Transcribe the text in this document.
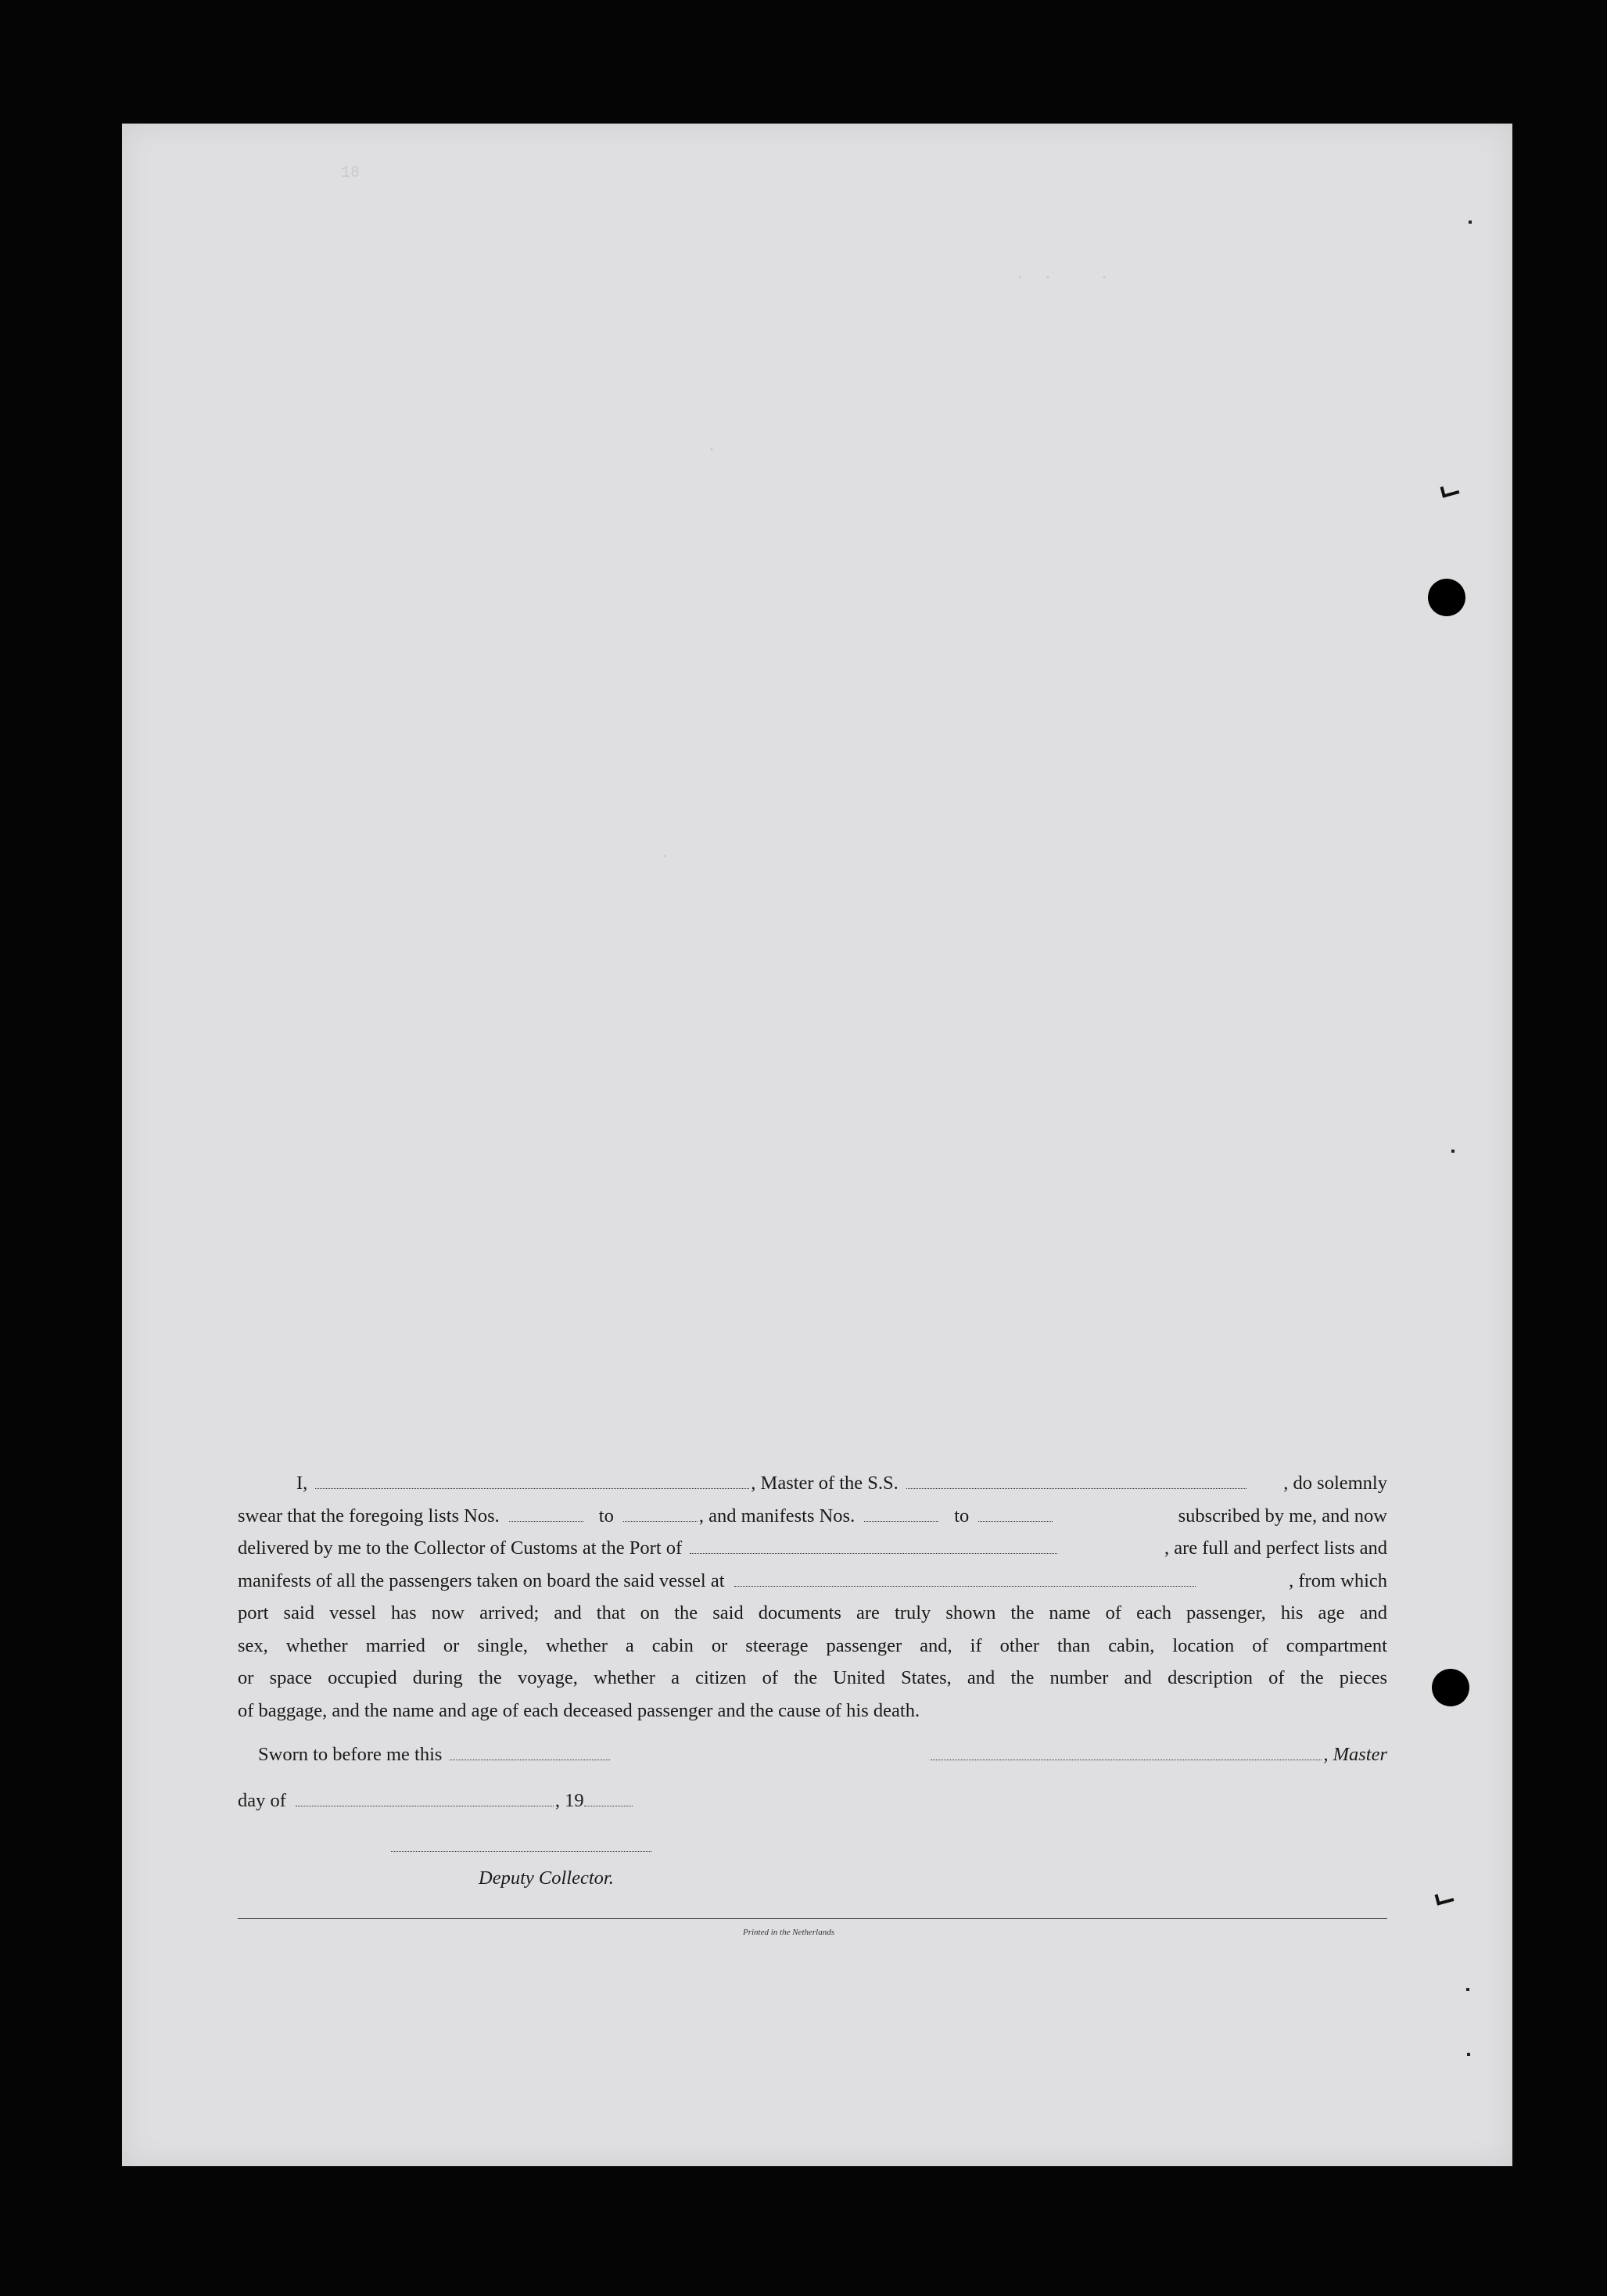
18
.  .     .
.
.
I,	, Master of the S.S.	, do solemnly
swear that the foregoing lists Nos.	to	, and manifests Nos.	to	subscribed by me, and now
delivered by me to the Collector of Customs at the Port of	, are full and perfect lists and
manifests of all the passengers taken on board the said vessel at	, from which
port said vessel has now arrived; and that on the said documents are truly shown the name of each passenger, his age and
sex, whether married or single, whether a cabin or steerage passenger and, if other than cabin, location of compartment
or space occupied during the voyage, whether a citizen of the United States, and the number and description of the pieces
of baggage, and the name and age of each deceased passenger and the cause of his death.
Sworn to before me this	, Master
day of	, 19
Deputy Collector.
Printed in the Netherlands
